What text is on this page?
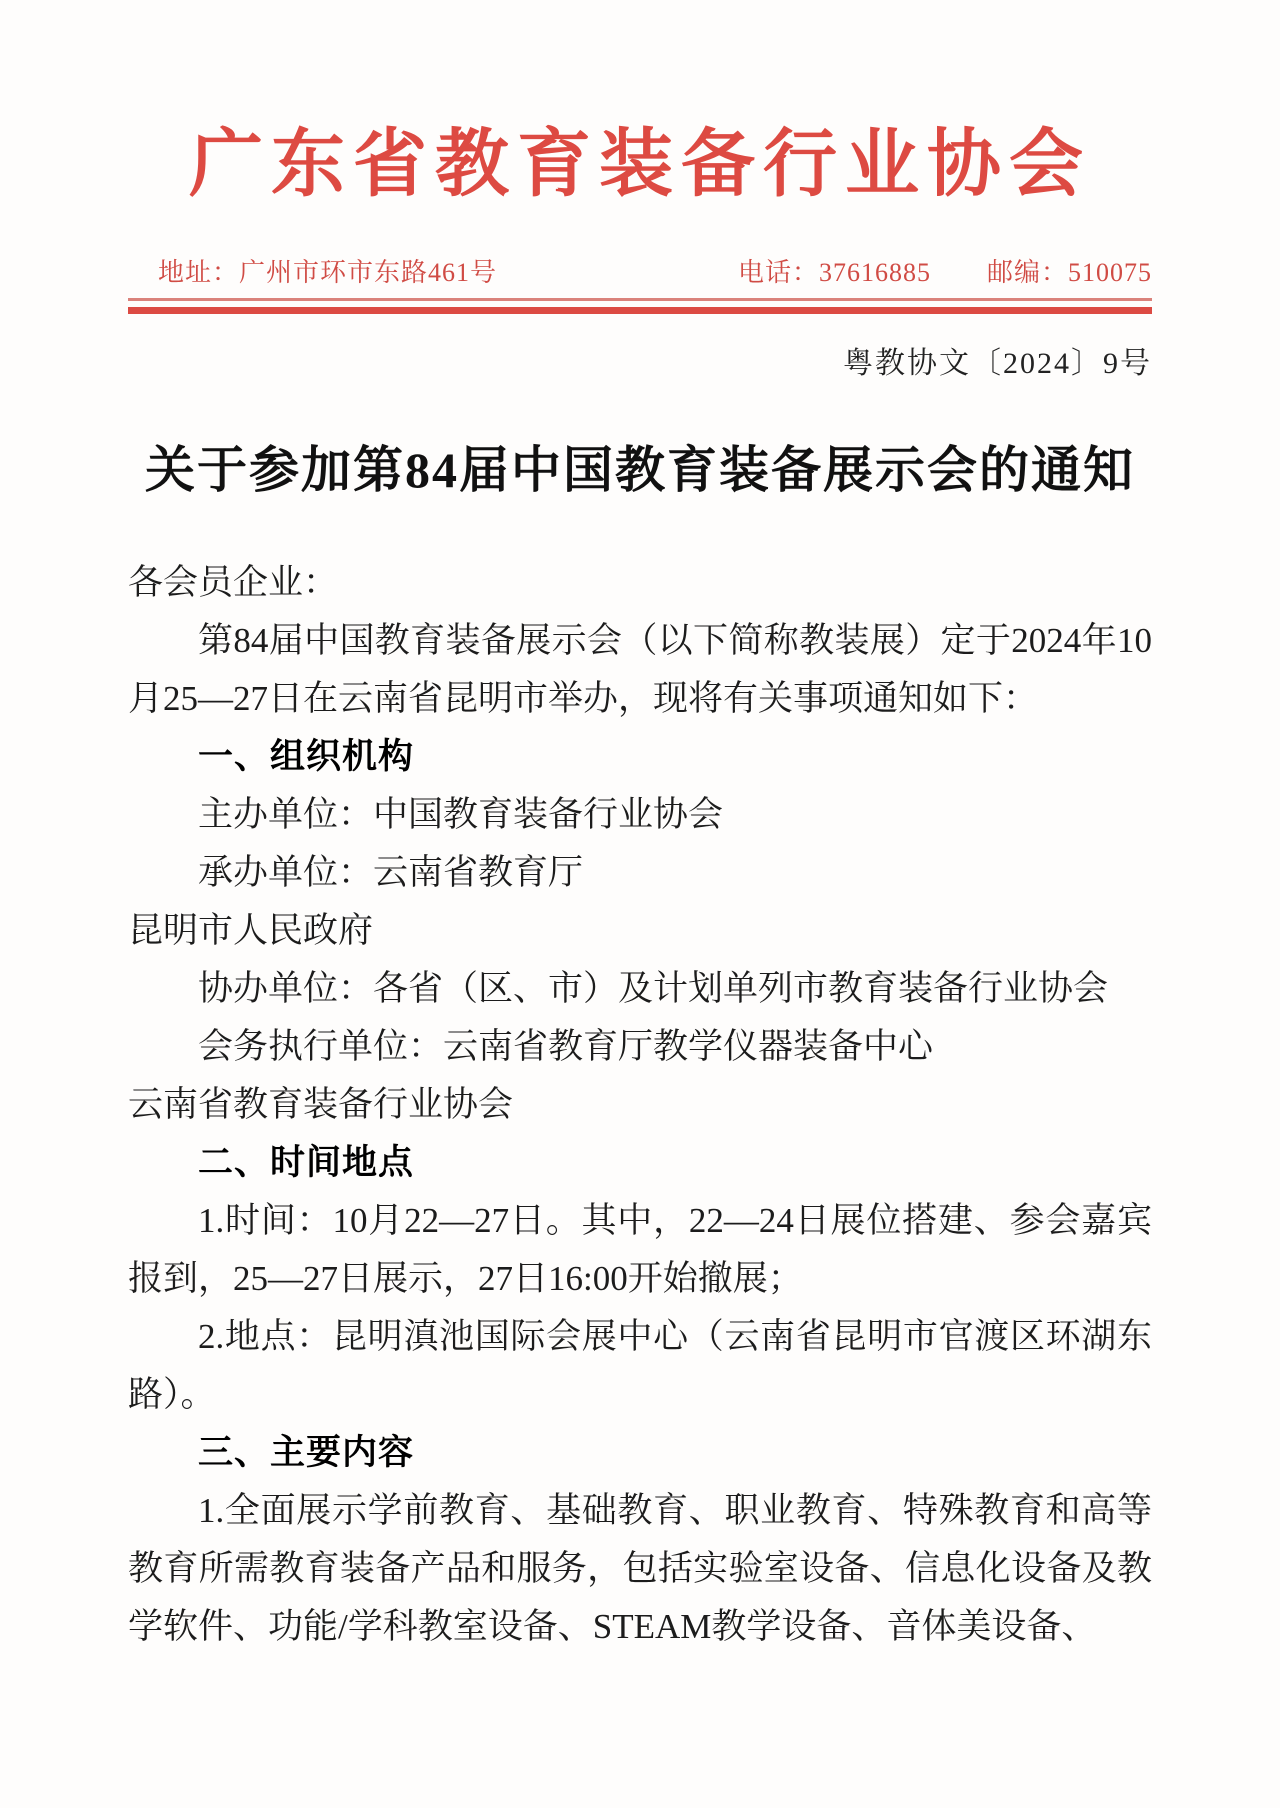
广东省教育装备行业协会
地址：广州市环市东路461号	电话：37616885 邮编：510075
粤教协文〔2024〕9号
关于参加第84届中国教育装备展示会的通知

各会员企业：

第84届中国教育装备展示会（以下简称教装展）定于2024年10月25—27日在云南省昆明市举办，现将有关事项通知如下：

一、组织机构

主办单位：中国教育装备行业协会

承办单位：云南省教育厅

昆明市人民政府

协办单位：各省（区、市）及计划单列市教育装备行业协会

会务执行单位：云南省教育厅教学仪器装备中心

云南省教育装备行业协会

二、时间地点

1.时间：10月22—27日。其中，22—24日展位搭建、参会嘉宾报到，25—27日展示，27日16:00开始撤展；

2.地点：昆明滇池国际会展中心（云南省昆明市官渡区环湖东路）。

三、主要内容

1.全面展示学前教育、基础教育、职业教育、特殊教育和高等教育所需教育装备产品和服务，包括实验室设备、信息化设备及教学软件、功能/学科教室设备、STEAM教学设备、音体美设备、
